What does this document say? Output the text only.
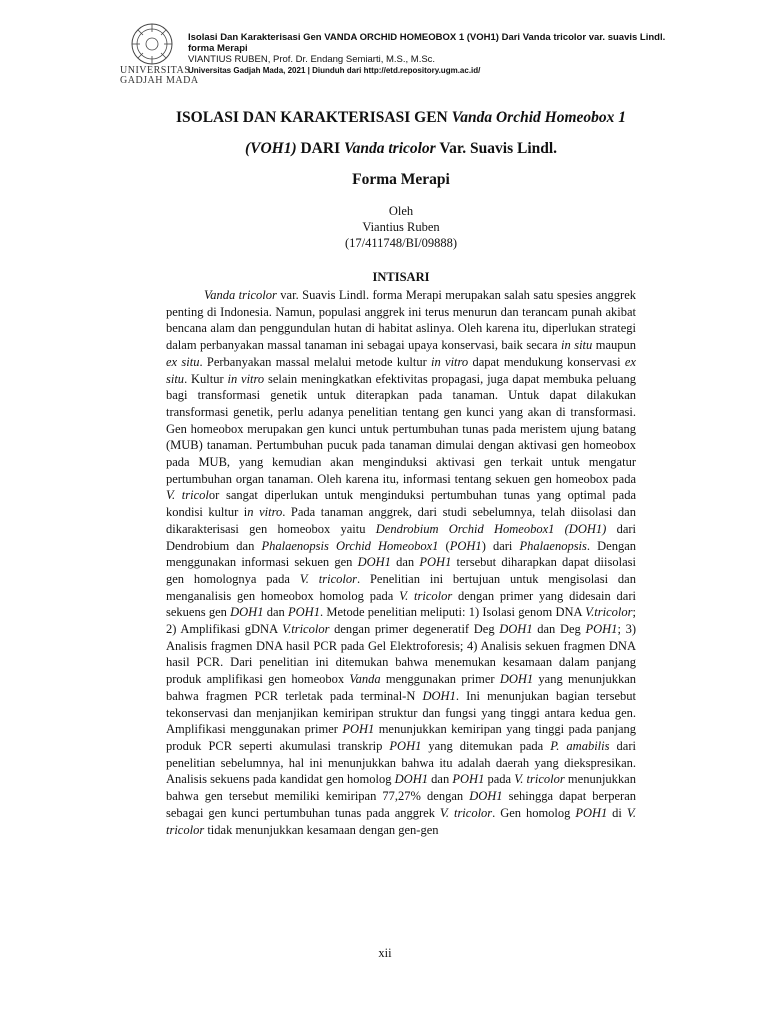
UNIVERSITAS
GADJAH MADA
Isolasi Dan Karakterisasi Gen VANDA ORCHID HOMEOBOX 1 (VOH1) Dari Vanda tricolor var. suavis Lindl.
forma Merapi
VIANTIUS RUBEN, Prof. Dr. Endang Semiarti, M.S., M.Sc.
Universitas Gadjah Mada, 2021 | Diunduh dari http://etd.repository.ugm.ac.id/
ISOLASI DAN KARAKTERISASI GEN Vanda Orchid Homeobox 1 (VOH1) DARI Vanda tricolor Var. Suavis Lindl.
Forma Merapi
Oleh
Viantius Ruben
(17/411748/BI/09888)
INTISARI
Vanda tricolor var. Suavis Lindl. forma Merapi merupakan salah satu spesies anggrek penting di Indonesia. Namun, populasi anggrek ini terus menurun dan terancam punah akibat bencana alam dan penggundulan hutan di habitat aslinya. Oleh karena itu, diperlukan strategi dalam perbanyakan massal tanaman ini sebagai upaya konservasi, baik secara in situ maupun ex situ. Perbanyakan massal melalui metode kultur in vitro dapat mendukung konservasi ex situ. Kultur in vitro selain meningkatkan efektivitas propagasi, juga dapat membuka peluang bagi transformasi genetik untuk diterapkan pada tanaman. Untuk dapat dilakukan transformasi genetik, perlu adanya penelitian tentang gen kunci yang akan di transformasi. Gen homeobox merupakan gen kunci untuk pertumbuhan tunas pada meristem ujung batang (MUB) tanaman. Pertumbuhan pucuk pada tanaman dimulai dengan aktivasi gen homeobox pada MUB, yang kemudian akan menginduksi aktivasi gen terkait untuk mengatur pertumbuhan organ tanaman. Oleh karena itu, informasi tentang sekuen gen homeobox pada V. tricolor sangat diperlukan untuk menginduksi pertumbuhan tunas yang optimal pada kondisi kultur in vitro. Pada tanaman anggrek, dari studi sebelumnya, telah diisolasi dan dikarakterisasi gen homeobox yaitu Dendrobium Orchid Homeobox1 (DOH1) dari Dendrobium dan Phalaenopsis Orchid Homeobox1 (POH1) dari Phalaenopsis. Dengan menggunakan informasi sekuen gen DOH1 dan POH1 tersebut diharapkan dapat diisolasi gen homolognya pada V. tricolor. Penelitian ini bertujuan untuk mengisolasi dan menganalisis gen homeobox homolog pada V. tricolor dengan primer yang didesain dari sekuens gen DOH1 dan POH1. Metode penelitian meliputi: 1) Isolasi genom DNA V.tricolor; 2) Amplifikasi gDNA V.tricolor dengan primer degeneratif Deg DOH1 dan Deg POH1; 3) Analisis fragmen DNA hasil PCR pada Gel Elektroforesis; 4) Analisis sekuen fragmen DNA hasil PCR. Dari penelitian ini ditemukan bahwa menemukan kesamaan dalam panjang produk amplifikasi gen homeobox Vanda menggunakan primer DOH1 yang menunjukkan bahwa fragmen PCR terletak pada terminal-N DOH1. Ini menunjukan bagian tersebut tekonservasi dan menjanjikan kemiripan struktur dan fungsi yang tinggi antara kedua gen. Amplifikasi menggunakan primer POH1 menunjukkan kemiripan yang tinggi pada panjang produk PCR seperti akumulasi transkrip POH1 yang ditemukan pada P. amabilis dari penelitian sebelumnya, hal ini menunjukkan bahwa itu adalah daerah yang diekspresikan. Analisis sekuens pada kandidat gen homolog DOH1 dan POH1 pada V. tricolor menunjukkan bahwa gen tersebut memiliki kemiripan 77,27% dengan DOH1 sehingga dapat berperan sebagai gen kunci pertumbuhan tunas pada anggrek V. tricolor. Gen homolog POH1 di V. tricolor tidak menunjukkan kesamaan dengan gen-gen
xii
